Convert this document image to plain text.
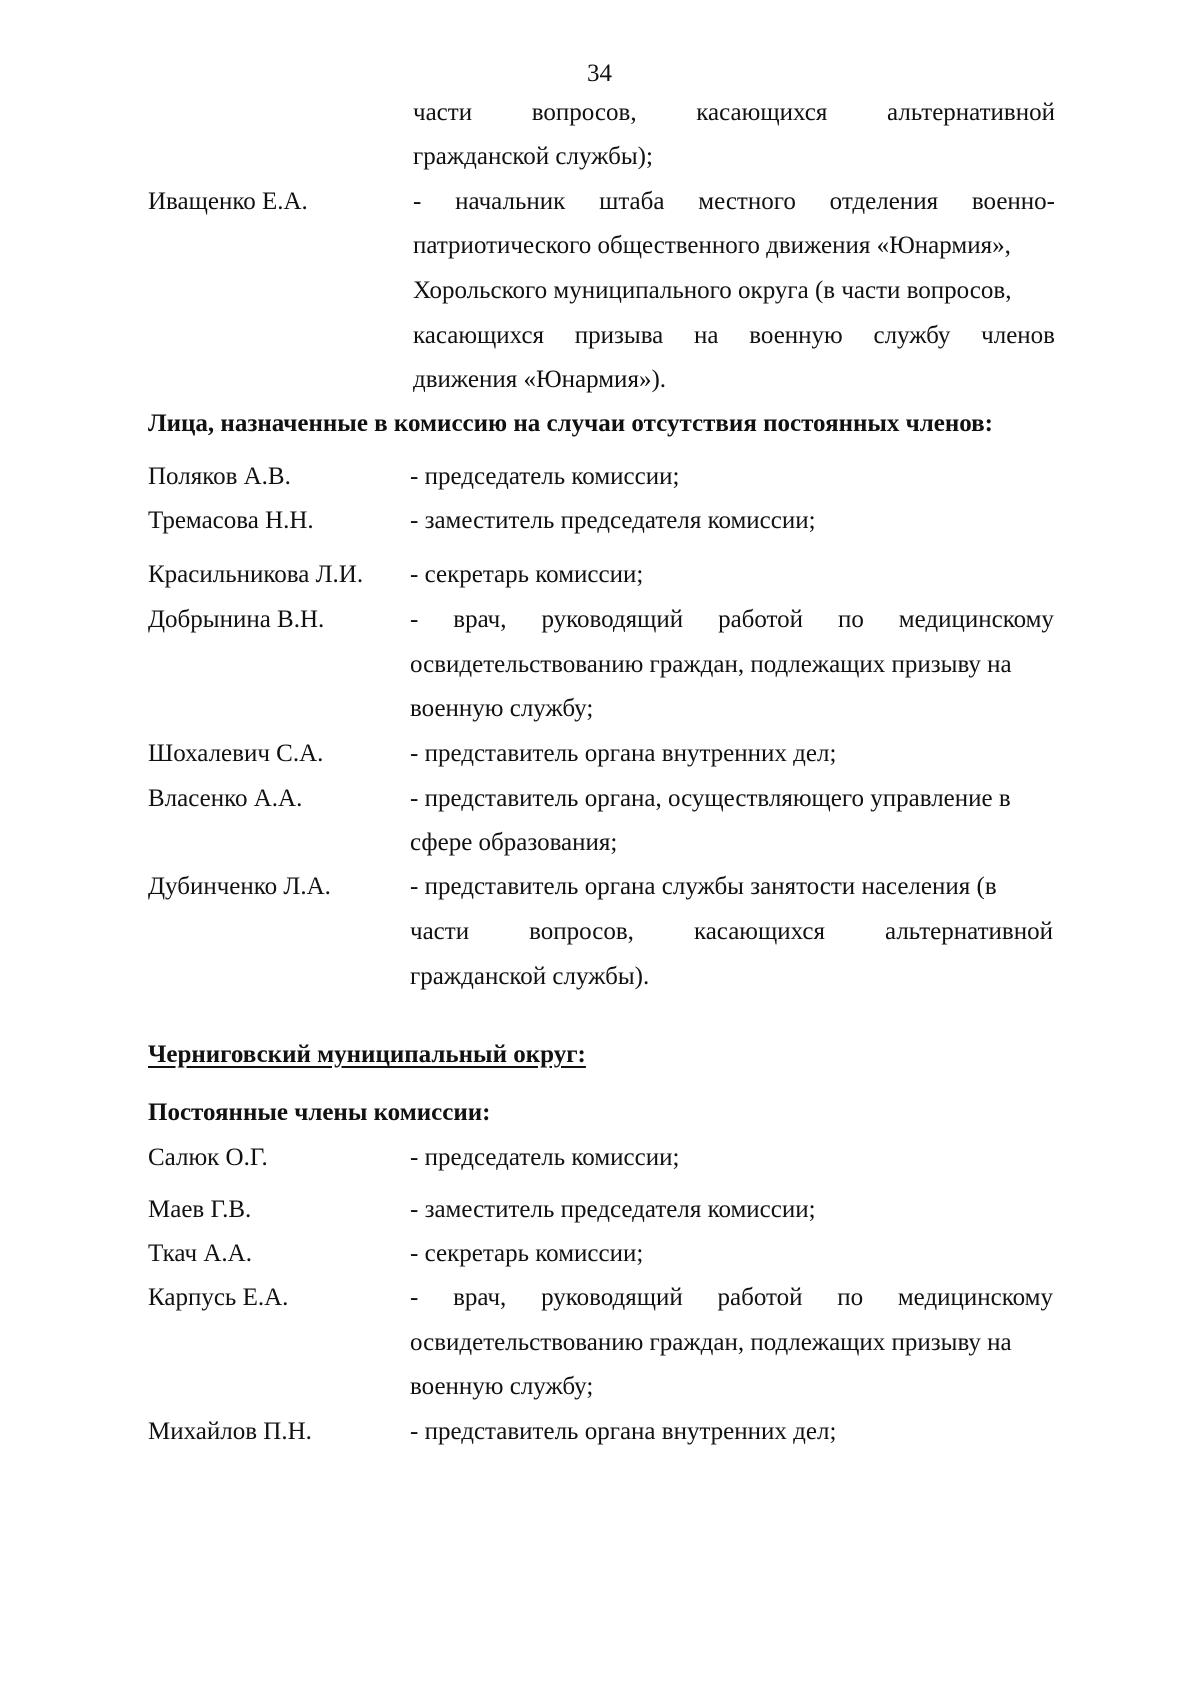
34
части вопросов, касающихся альтернативной
гражданской службы);
Иващенко Е.А.	- начальник штаба местного отделения военно-
патриотического общественного движения «Юнармия»,
Хорольского муниципального округа (в части вопросов,
касающихся призыва на военную службу членов
движения «Юнармия»).
Лица, назначенные в комиссию на случаи отсутствия постоянных членов:
Поляков А.В.	- председатель комиссии;
Тремасова Н.Н.	- заместитель председателя комиссии;
Красильникова Л.И. - секретарь комиссии;
Добрынина В.Н.	- врач, руководящий работой по медицинскому
освидетельствованию граждан, подлежащих призыву на
военную службу;
Шохалевич С.А.	- представитель органа внутренних дел;
Власенко А.А.	- представитель органа, осуществляющего управление в
сфере образования;
Дубинченко Л.А.	- представитель органа службы занятости населения (в
части вопросов, касающихся альтернативной
гражданской службы).
Черниговский муниципальный округ:
Постоянные члены комиссии:
Салюк О.Г.	- председатель комиссии;
Маев Г.В.	- заместитель председателя комиссии;
Ткач А.А.	- секретарь комиссии;
Карпусь Е.А.	- врач, руководящий работой по медицинскому
освидетельствованию граждан, подлежащих призыву на
военную службу;
Михайлов П.Н.	- представитель органа внутренних дел;
